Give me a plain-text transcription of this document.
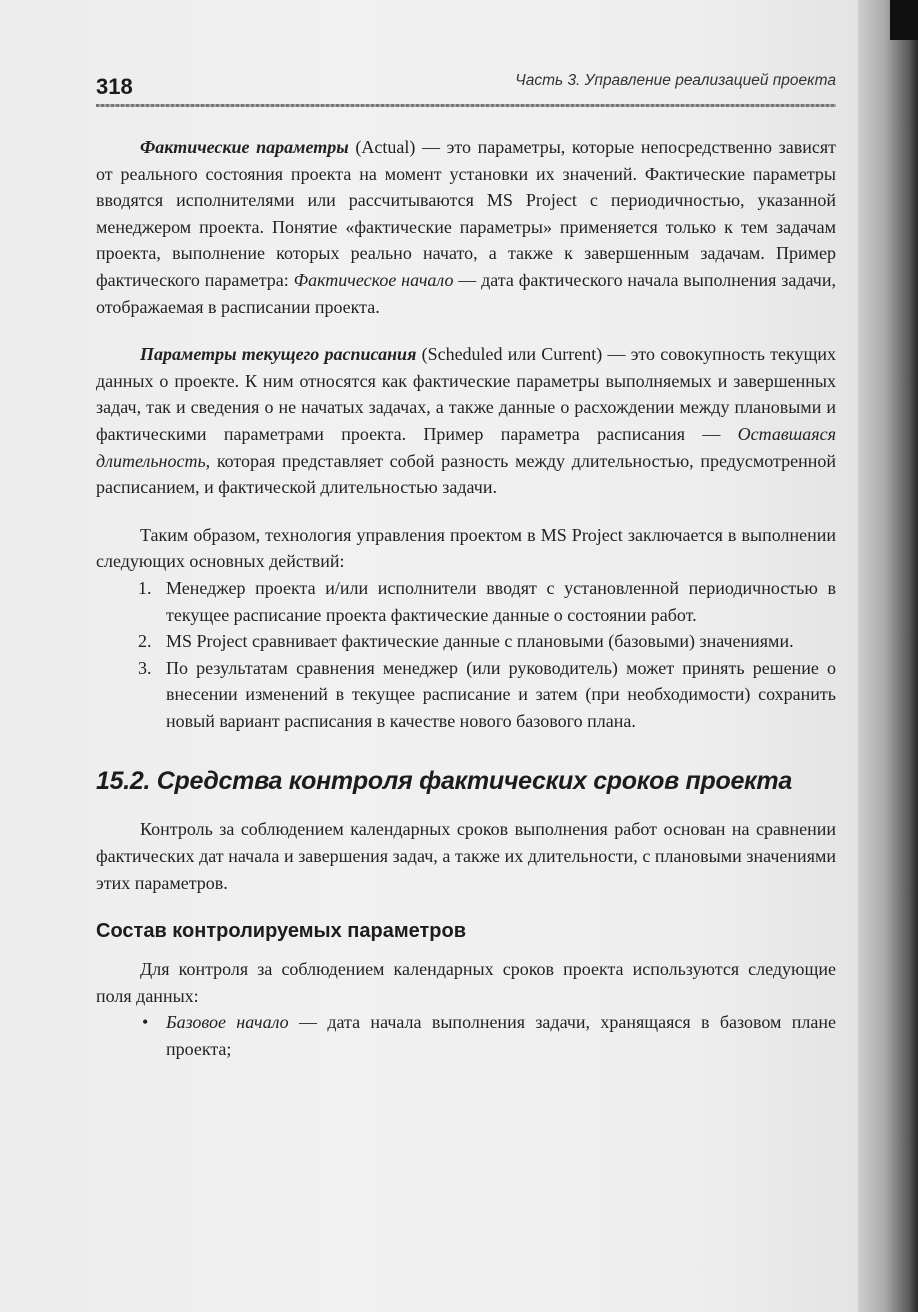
318	Часть 3. Управление реализацией проекта

Фактические параметры (Actual) — это параметры, которые непосредственно зависят от реального состояния проекта на момент установки их значений. Фактические параметры вводятся исполнителями или рассчитываются MS Project с периодичностью, указанной менеджером проекта. Понятие «фактические параметры» применяется только к тем задачам проекта, выполнение которых реально начато, а также к завершенным задачам. Пример фактического параметра: Фактическое начало — дата фактического начала выполнения задачи, отображаемая в расписании проекта.

Параметры текущего расписания (Scheduled или Current) — это совокупность текущих данных о проекте. К ним относятся как фактические параметры выполняемых и завершенных задач, так и сведения о не начатых задачах, а также данные о расхождении между плановыми и фактическими параметрами проекта. Пример параметра расписания — Оставшаяся длительность, которая представляет собой разность между длительностью, предусмотренной расписанием, и фактической длительностью задачи.

Таким образом, технология управления проектом в MS Project заключается в выполнении следующих основных действий:

1. Менеджер проекта и/или исполнители вводят с установленной периодичностью в текущее расписание проекта фактические данные о состоянии работ.
2. MS Project сравнивает фактические данные с плановыми (базовыми) значениями.
3. По результатам сравнения менеджер (или руководитель) может принять решение о внесении изменений в текущее расписание и затем (при необходимости) сохранить новый вариант расписания в качестве нового базового плана.
15.2. Средства контроля фактических сроков проекта

Контроль за соблюдением календарных сроков выполнения работ основан на сравнении фактических дат начала и завершения задач, а также их длительности, с плановыми значениями этих параметров.

Состав контролируемых параметров

Для контроля за соблюдением календарных сроков проекта используются следующие поля данных:

• Базовое начало — дата начала выполнения задачи, хранящаяся в базовом плане проекта;
